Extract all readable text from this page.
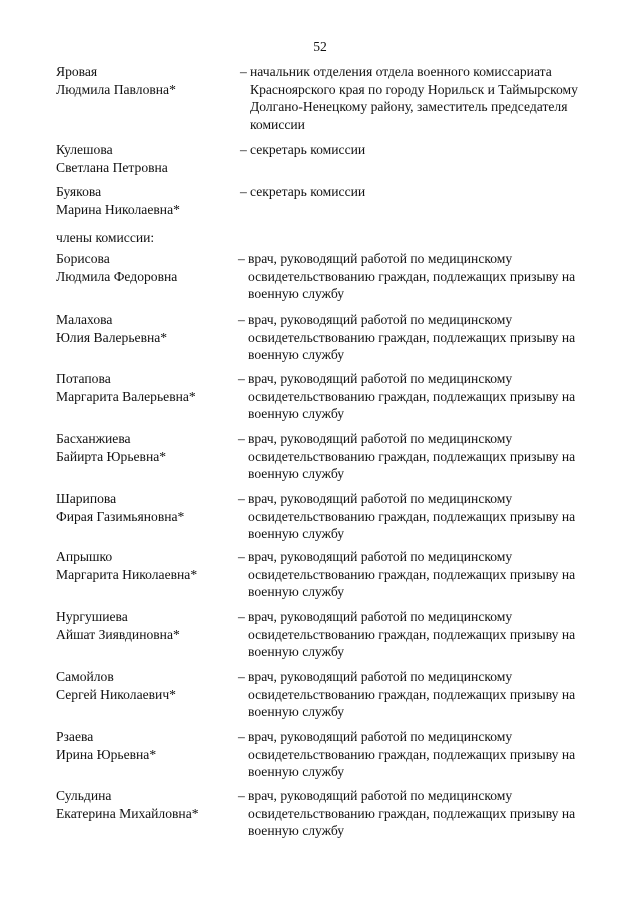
52
Яровая
Людмила Павловна*
– начальник отделения отдела военного комиссариата Красноярского края по городу Норильск и Таймырскому Долгано-Ненецкому району, заместитель председателя комиссии
Кулешова
Светлана Петровна
– секретарь комиссии
Буякова
Марина Николаевна*
– секретарь комиссии
члены комиссии:
Борисова
Людмила Федоровна
– врач, руководящий работой по медицинскому освидетельствованию граждан, подлежащих призыву на военную службу
Малахова
Юлия Валерьевна*
– врач, руководящий работой по медицинскому освидетельствованию граждан, подлежащих призыву на военную службу
Потапова
Маргарита Валерьевна*
– врач, руководящий работой по медицинскому освидетельствованию граждан, подлежащих призыву на военную службу
Басханжиева
Байирта Юрьевна*
– врач, руководящий работой по медицинскому освидетельствованию граждан, подлежащих призыву на военную службу
Шарипова
Фирая Газимьяновна*
– врач, руководящий работой по медицинскому освидетельствованию граждан, подлежащих призыву на военную службу
Апрышко
Маргарита Николаевна*
– врач, руководящий работой по медицинскому освидетельствованию граждан, подлежащих призыву на военную службу
Нургушиева
Айшат Зиявдиновна*
– врач, руководящий работой по медицинскому освидетельствованию граждан, подлежащих призыву на военную службу
Самойлов
Сергей Николаевич*
– врач, руководящий работой по медицинскому освидетельствованию граждан, подлежащих призыву на военную службу
Рзаева
Ирина Юрьевна*
– врач, руководящий работой по медицинскому освидетельствованию граждан, подлежащих призыву на военную службу
Сульдина
Екатерина Михайловна*
– врач, руководящий работой по медицинскому освидетельствованию граждан, подлежащих призыву на военную службу
